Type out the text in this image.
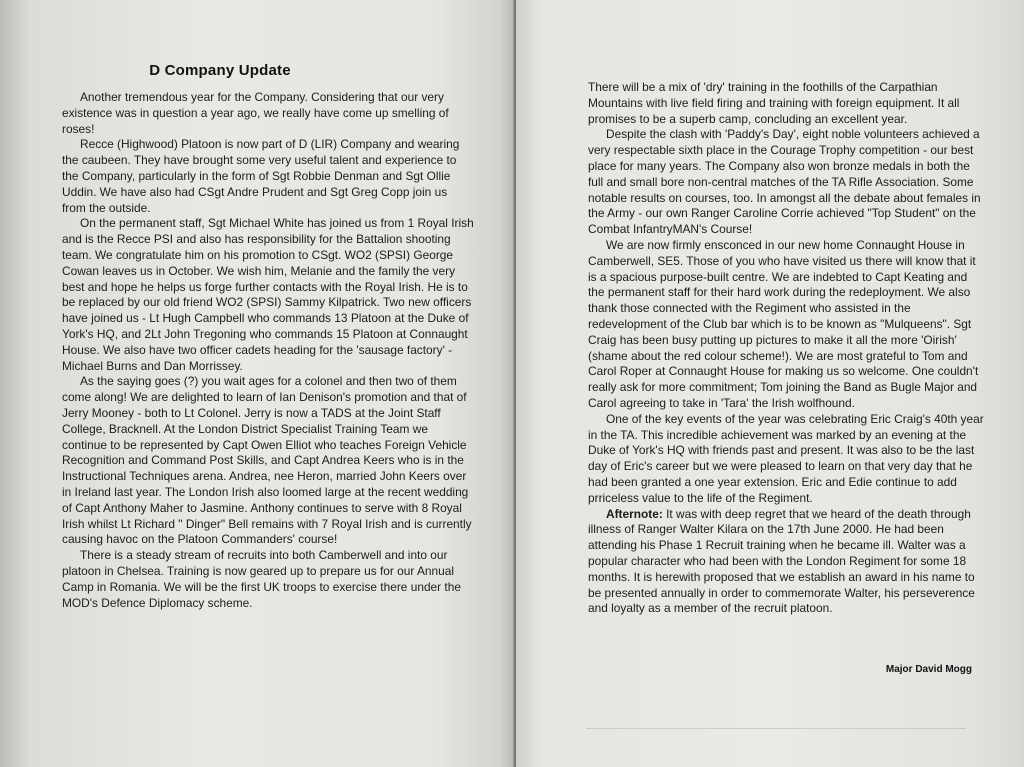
D Company Update

Another tremendous year for the Company. Considering that our very existence was in question a year ago, we really have come up smelling of roses!

Recce (Highwood) Platoon is now part of D (LIR) Company and wearing the caubeen. They have brought some very useful talent and experience to the Company, particularly in the form of Sgt Robbie Denman and Sgt Ollie Uddin. We have also had CSgt Andre Prudent and Sgt Greg Copp join us from the outside.

On the permanent staff, Sgt Michael White has joined us from 1 Royal Irish and is the Recce PSI and also has responsibility for the Battalion shooting team. We congratulate him on his promotion to CSgt. WO2 (SPSI) George Cowan leaves us in October. We wish him, Melanie and the family the very best and hope he helps us forge further contacts with the Royal Irish. He is to be replaced by our old friend WO2 (SPSI) Sammy Kilpatrick. Two new officers have joined us - Lt Hugh Campbell who commands 13 Platoon at the Duke of York's HQ, and 2Lt John Tregoning who commands 15 Platoon at Connaught House. We also have two officer cadets heading for the 'sausage factory' - Michael Burns and Dan Morrissey.

As the saying goes (?) you wait ages for a colonel and then two of them come along! We are delighted to learn of Ian Denison's promotion and that of Jerry Mooney - both to Lt Colonel. Jerry is now a TADS at the Joint Staff College, Bracknell. At the London District Specialist Training Team we continue to be represented by Capt Owen Elliot who teaches Foreign Vehicle Recognition and Command Post Skills, and Capt Andrea Keers who is in the Instructional Techniques arena. Andrea, nee Heron, married John Keers over in Ireland last year. The London Irish also loomed large at the recent wedding of Capt Anthony Maher to Jasmine. Anthony continues to serve with 8 Royal Irish whilst Lt Richard " Dinger" Bell remains with 7 Royal Irish and is currently causing havoc on the Platoon Commanders' course!

There is a steady stream of recruits into both Camberwell and into our platoon in Chelsea. Training is now geared up to prepare us for our Annual Camp in Romania. We will be the first UK troops to exercise there under the MOD's Defence Diplomacy scheme.

There will be a mix of 'dry' training in the foothills of the Carpathian Mountains with live field firing and training with foreign equipment. It all promises to be a superb camp, concluding an excellent year.

Despite the clash with 'Paddy's Day', eight noble volunteers achieved a very respectable sixth place in the Courage Trophy competition - our best place for many years. The Company also won bronze medals in both the full and small bore non-central matches of the TA Rifle Association. Some notable results on courses, too. In amongst all the debate about females in the Army - our own Ranger Caroline Corrie achieved "Top Student" on the Combat InfantryMAN's Course!

We are now firmly ensconced in our new home Connaught House in Camberwell, SE5. Those of you who have visited us there will know that it is a spacious purpose-built centre. We are indebted to Capt Keating and the permanent staff for their hard work during the redeployment. We also thank those connected with the Regiment who assisted in the redevelopment of the Club bar which is to be known as "Mulqueens". Sgt Craig has been busy putting up pictures to make it all the more 'Oirish' (shame about the red colour scheme!). We are most grateful to Tom and Carol Roper at Connaught House for making us so welcome. One couldn't really ask for more commitment; Tom joining the Band as Bugle Major and Carol agreeing to take in 'Tara' the Irish wolfhound.

One of the key events of the year was celebrating Eric Craig's 40th year in the TA. This incredible achievement was marked by an evening at the Duke of York's HQ with friends past and present. It was also to be the last day of Eric's career but we were pleased to learn on that very day that he had been granted a one year extension. Eric and Edie continue to add prriceless value to the life of the Regiment.

Afternote: It was with deep regret that we heard of the death through illness of Ranger Walter Kilara on the 17th June 2000. He had been attending his Phase 1 Recruit training when he became ill. Walter was a popular character who had been with the London Regiment for some 18 months. It is herewith proposed that we establish an award in his name to be presented annually in order to commemorate Walter, his perseverence and loyalty as a member of the recruit platoon.

Major David Mogg
